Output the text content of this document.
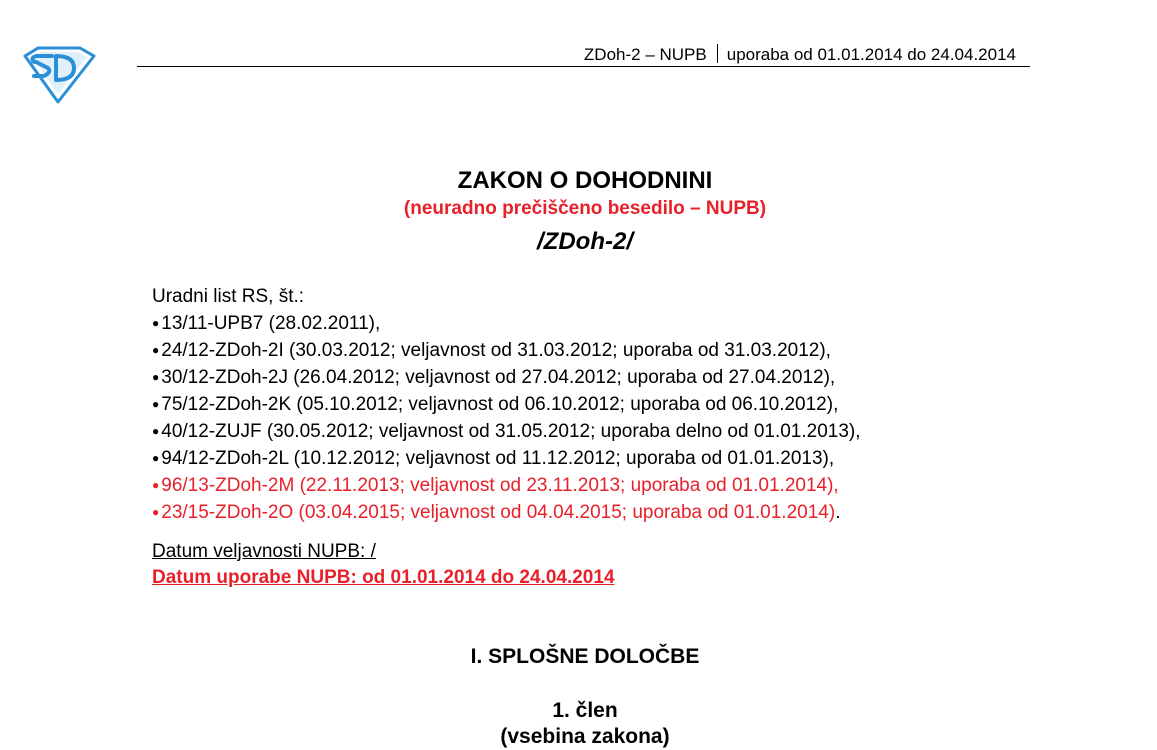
ZDoh-2 – NUPB uporaba od 01.01.2014 do 24.04.2014
ZAKON O DOHODNINI
(neuradno prečiščeno besedilo – NUPB)
/ZDoh-2/

Uradni list RS, št.:

● 13/11-UPB7 (28.02.2011),
● 24/12-ZDoh-2I (30.03.2012; veljavnost od 31.03.2012; uporaba od 31.03.2012),
● 30/12-ZDoh-2J (26.04.2012; veljavnost od 27.04.2012; uporaba od 27.04.2012),
● 75/12-ZDoh-2K (05.10.2012; veljavnost od 06.10.2012; uporaba od 06.10.2012),
● 40/12-ZUJF (30.05.2012; veljavnost od 31.05.2012; uporaba delno od 01.01.2013),
● 94/12-ZDoh-2L (10.12.2012; veljavnost od 11.12.2012; uporaba od 01.01.2013),
● 96/13-ZDoh-2M (22.11.2013; veljavnost od 23.11.2013; uporaba od 01.01.2014),
● 23/15-ZDoh-2O (03.04.2015; veljavnost od 04.04.2015; uporaba od 01.01.2014).
Datum veljavnosti NUPB: /
Datum uporabe NUPB: od 01.01.2014 do 24.04.2014
I. SPLOŠNE DOLOČBE
1. člen
(vsebina zakona)
